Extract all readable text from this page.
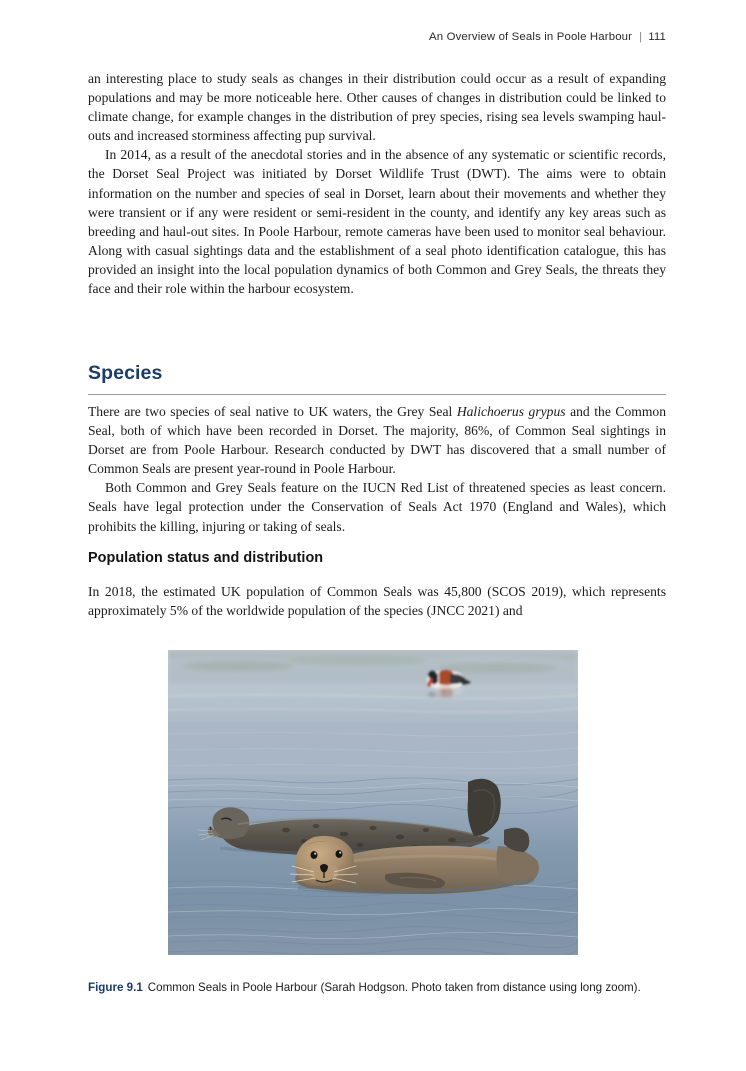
An Overview of Seals in Poole Harbour | 111

an interesting place to study seals as changes in their distribution could occur as a result of expanding populations and may be more noticeable here. Other causes of changes in distribution could be linked to climate change, for example changes in the distribution of prey species, rising sea levels swamping haul-outs and increased storminess affecting pup survival.

In 2014, as a result of the anecdotal stories and in the absence of any systematic or scientific records, the Dorset Seal Project was initiated by Dorset Wildlife Trust (DWT). The aims were to obtain information on the number and species of seal in Dorset, learn about their movements and whether they were transient or if any were resident or semi-resident in the county, and identify any key areas such as breeding and haul-out sites. In Poole Harbour, remote cameras have been used to monitor seal behaviour. Along with casual sightings data and the establishment of a seal photo identification catalogue, this has provided an insight into the local population dynamics of both Common and Grey Seals, the threats they face and their role within the harbour ecosystem.

Species

There are two species of seal native to UK waters, the Grey Seal Halichoerus grypus and the Common Seal, both of which have been recorded in Dorset. The majority, 86%, of Common Seal sightings in Dorset are from Poole Harbour. Research conducted by DWT has discovered that a small number of Common Seals are present year-round in Poole Harbour.

Both Common and Grey Seals feature on the IUCN Red List of threatened species as least concern. Seals have legal protection under the Conservation of Seals Act 1970 (England and Wales), which prohibits the killing, injuring or taking of seals.

Population status and distribution

In 2018, the estimated UK population of Common Seals was 45,800 (SCOS 2019), which represents approximately 5% of the worldwide population of the species (JNCC 2021) and

Figure 9.1 Common Seals in Poole Harbour (Sarah Hodgson. Photo taken from distance using long zoom).
